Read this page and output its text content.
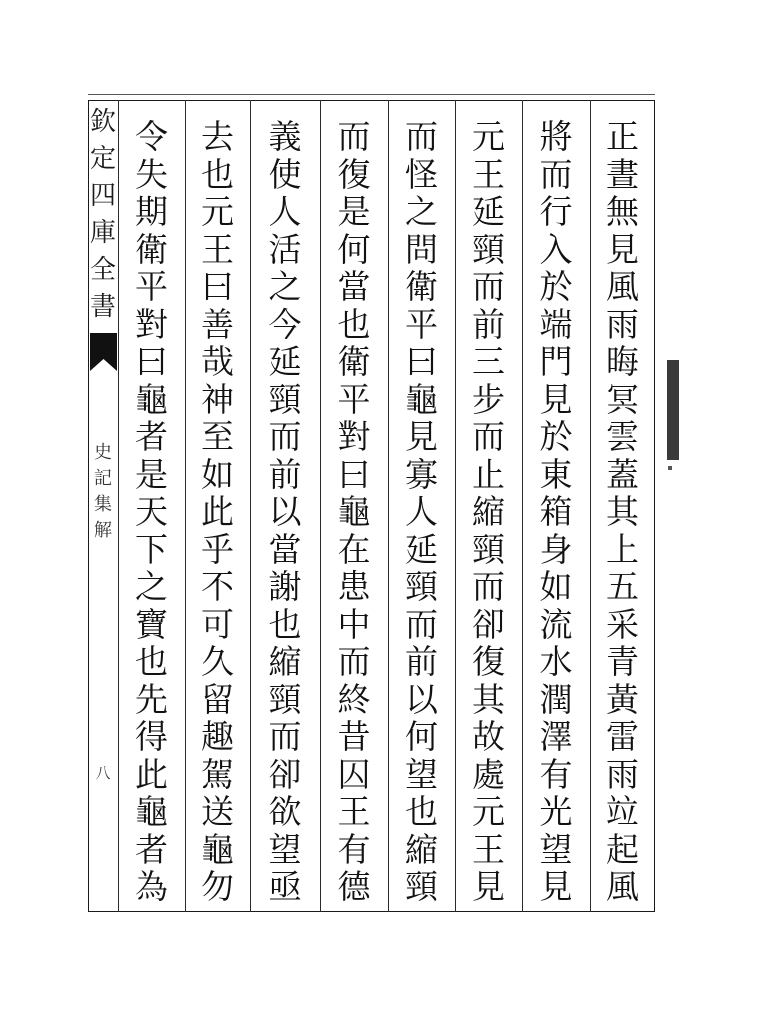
欽
定
四
庫
全
書
史
記
集
解
八
正
晝
無
見
風
雨
晦
冥
雲
蓋
其
上
五
采
青
黃
雷
雨
竝
起
風
將
而
行
入
於
端
門
見
於
東
箱
身
如
流
水
潤
澤
有
光
望
見
元
王
延
頸
而
前
三
步
而
止
縮
頸
而
卻
復
其
故
處
元
王
見
而
怪
之
問
衛
平
曰
龜
見
寡
人
延
頸
而
前
以
何
望
也
縮
頸
而
復
是
何
當
也
衛
平
對
曰
龜
在
患
中
而
終
昔
囚
王
有
德
義
使
人
活
之
今
延
頸
而
前
以
當
謝
也
縮
頸
而
卻
欲
望
亟
去
也
元
王
曰
善
哉
神
至
如
此
乎
不
可
久
留
趣
駕
送
龜
勿
令
失
期
衛
平
對
曰
龜
者
是
天
下
之
寶
也
先
得
此
龜
者
為
